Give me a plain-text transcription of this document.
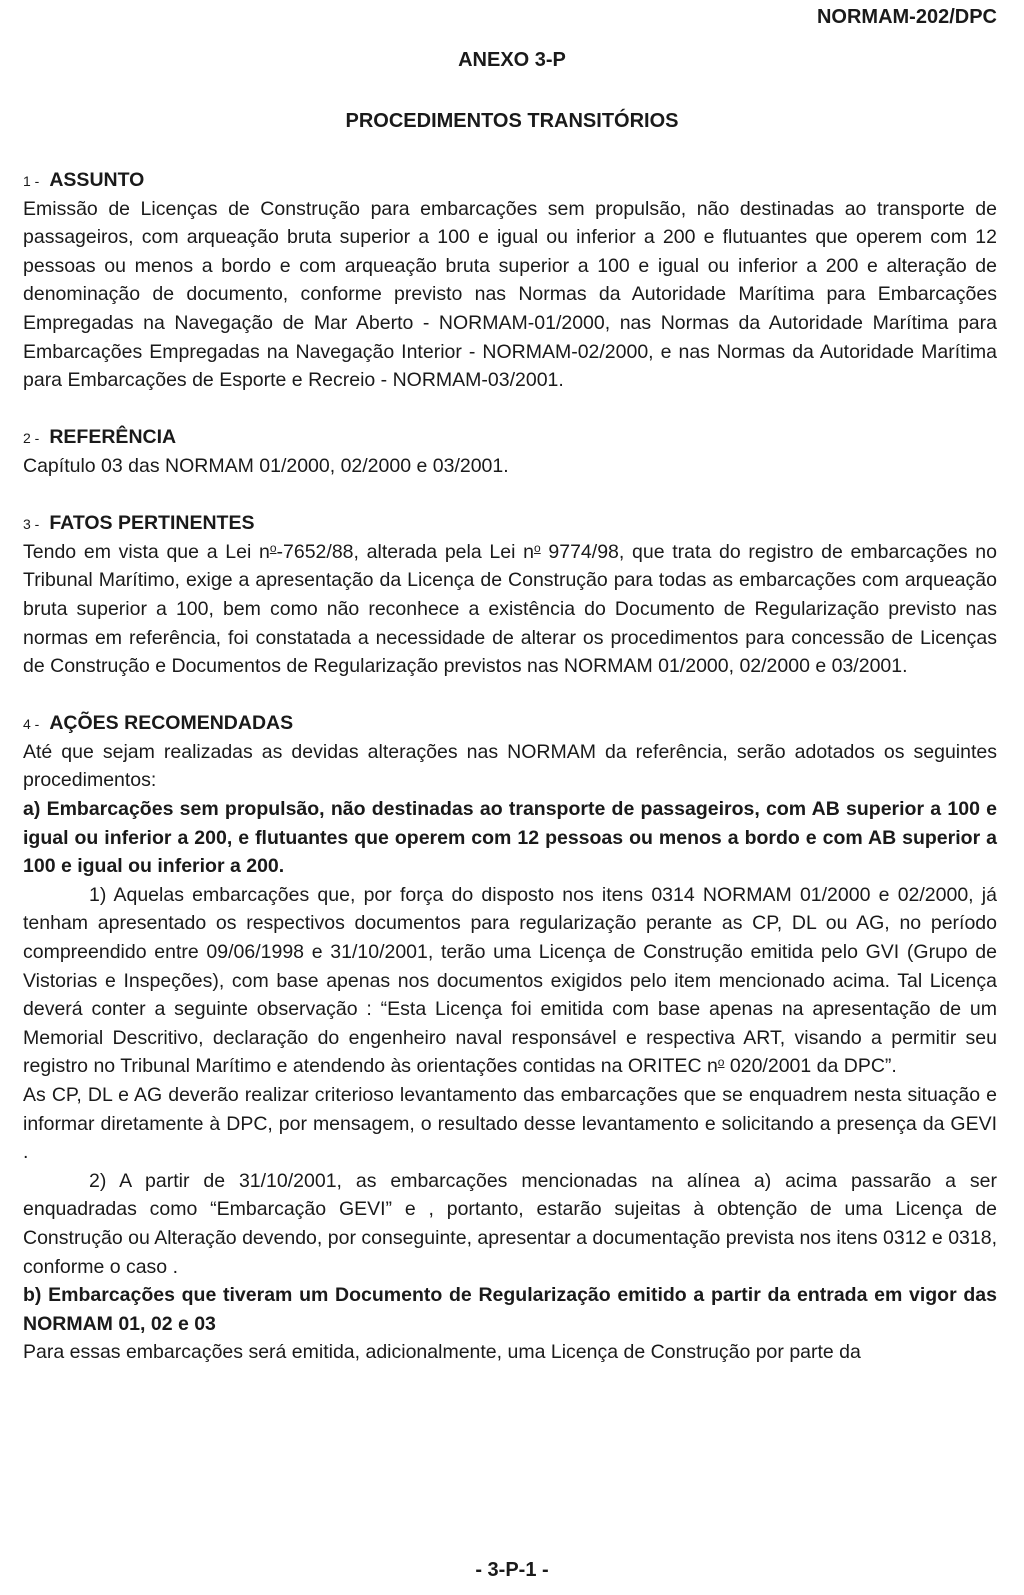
NORMAM-202/DPC
ANEXO 3-P
PROCEDIMENTOS TRANSITÓRIOS
1 - ASSUNTO

Emissão de Licenças de Construção para embarcações sem propulsão, não destinadas ao transporte de passageiros, com arqueação bruta superior a 100 e igual ou inferior a 200 e flutuantes que operem com 12 pessoas ou menos a bordo e com arqueação bruta superior a 100 e igual ou inferior a 200 e alteração de denominação de documento, conforme previsto nas Normas da Autoridade Marítima para Embarcações Empregadas na Navegação de Mar Aberto - NORMAM-01/2000, nas Normas da Autoridade Marítima para Embarcações Empregadas na Navegação Interior - NORMAM-02/2000, e nas Normas da Autoridade Marítima para Embarcações de Esporte e Recreio - NORMAM-03/2001.

2 - REFERÊNCIA

Capítulo 03 das NORMAM 01/2000, 02/2000 e 03/2001.

3 - FATOS PERTINENTES

Tendo em vista que a Lei $n^o-7652/88$, alterada pela Lei $n^o$ 9774/98, que trata do registro de embarcações no Tribunal Marítimo, exige a apresentação da Licença de Construção para todas as embarcações com arqueação bruta superior a 100, bem como não reconhece a existência do Documento de Regularização previsto nas normas em referência, foi constatada a necessidade de alterar os procedimentos para concessão de Licenças de Construção e Documentos de Regularização previstos nas NORMAM 01/2000, 02/2000 e 03/2001.

4 - AÇÕES RECOMENDADAS

Até que sejam realizadas as devidas alterações nas NORMAM da referência, serão adotados os seguintes procedimentos:

a) Embarcações sem propulsão, não destinadas ao transporte de passageiros, com AB superior a 100 e igual ou inferior a 200, e flutuantes que operem com 12 pessoas ou menos a bordo e com AB superior a 100 e igual ou inferior a 200.

1) Aquelas embarcações que, por força do disposto nos itens 0314 NORMAM 01/2000 e 02/2000, já tenham apresentado os respectivos documentos para regularização perante as CP, DL ou AG, no período compreendido entre 09/06/1998 e 31/10/2001, terão uma Licença de Construção emitida pelo GVI (Grupo de Vistorias e Inspeções), com base apenas nos documentos exigidos pelo item mencionado acima. Tal Licença deverá conter a seguinte observação : “Esta Licença foi emitida com base apenas na apresentação de um Memorial Descritivo, declaração do engenheiro naval responsável e respectiva ART, visando a permitir seu registro no Tribunal Marítimo e atendendo às orientações contidas na ORITEC $n^o$ 020/2001 da DPC”.

As CP, DL e AG deverão realizar criterioso levantamento das embarcações que se enquadrem nesta situação e informar diretamente à DPC, por mensagem, o resultado desse levantamento e solicitando a presença da GEVI .

2) A partir de 31/10/2001, as embarcações mencionadas na alínea a) acima passarão a ser enquadradas como “Embarcação GEVI” e , portanto, estarão sujeitas à obtenção de uma Licença de Construção ou Alteração devendo, por conseguinte, apresentar a documentação prevista nos itens 0312 e 0318, conforme o caso .

b) Embarcações que tiveram um Documento de Regularização emitido a partir da entrada em vigor das NORMAM 01, 02 e 03

Para essas embarcações será emitida, adicionalmente, uma Licença de Construção por parte da

- 3-P-1 -
